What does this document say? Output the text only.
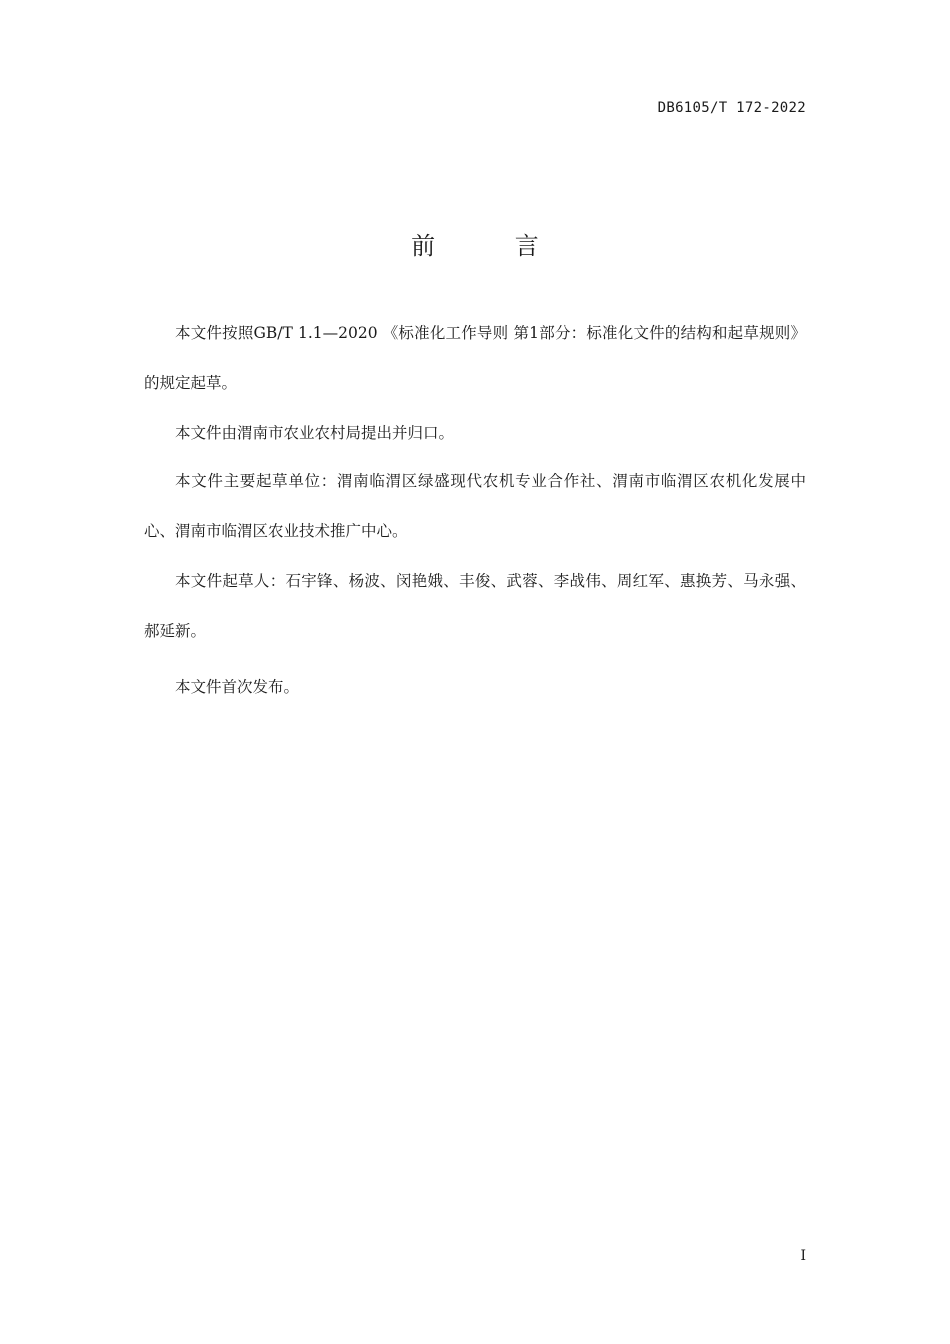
DB6105/T 172-2022
前 言

本文件按照GB/T 1.1—2020 《标准化工作导则 第1部分：标准化文件的结构和起草规则》的规定起草。

本文件由渭南市农业农村局提出并归口。

本文件主要起草单位：渭南临渭区绿盛现代农机专业合作社、渭南市临渭区农机化发展中心、渭南市临渭区农业技术推广中心。

本文件起草人：石宇锋、杨波、闵艳娥、丰俊、武蓉、李战伟、周红军、惠换芳、马永强、郝延新。

本文件首次发布。

I
